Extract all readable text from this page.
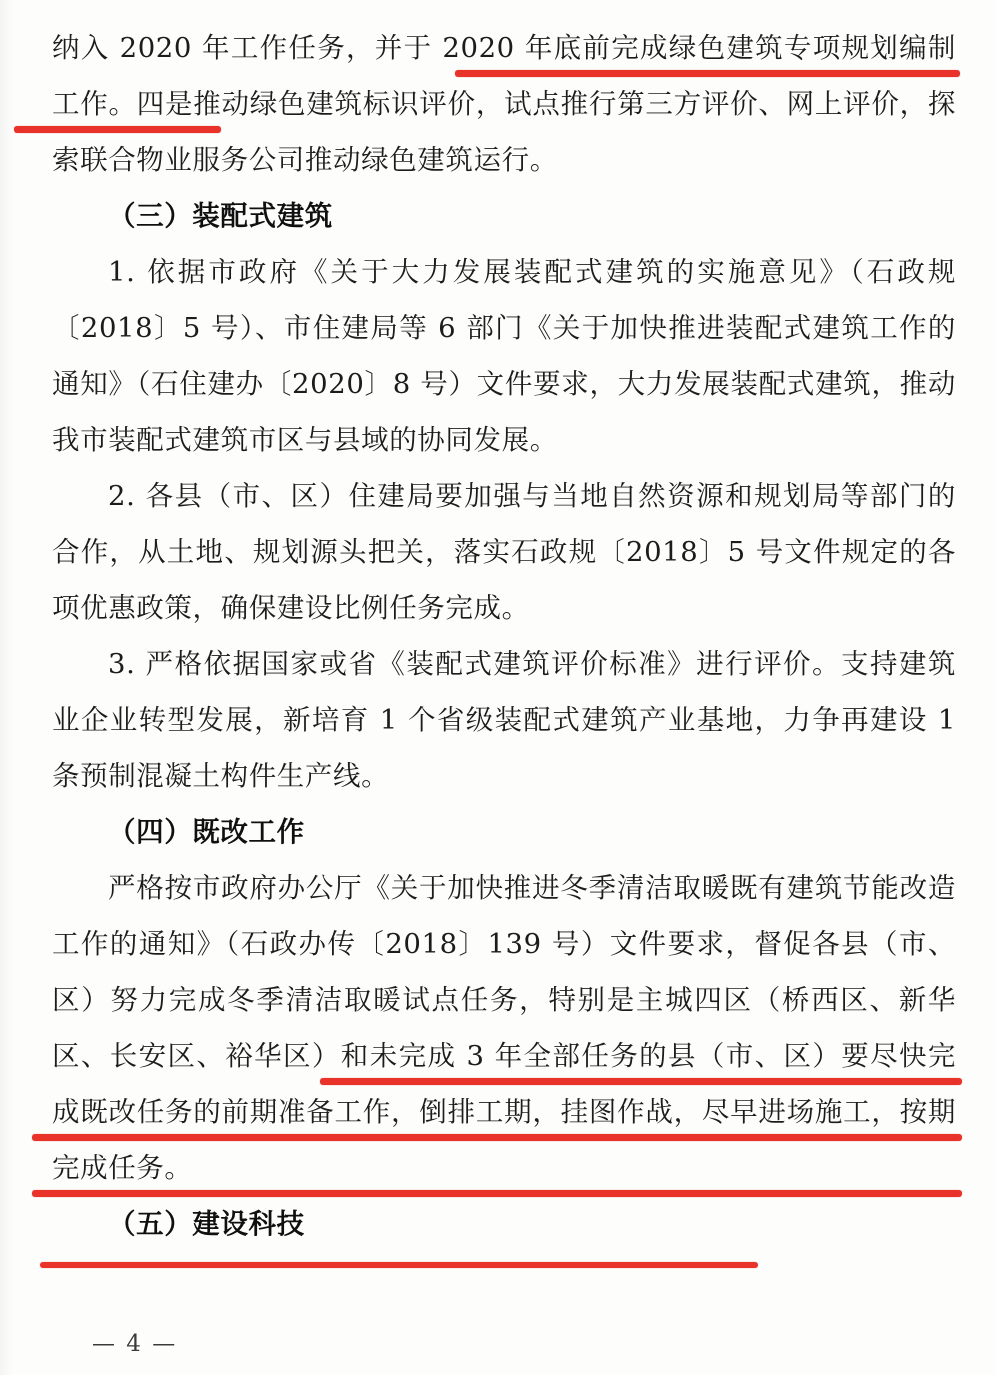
纳入 2020 年工作任务，并于 2020 年底前完成绿色建筑专项规划编制工作。四是推动绿色建筑标识评价，试点推行第三方评价、网上评价，探索联合物业服务公司推动绿色建筑运行。

（三）装配式建筑

1. 依据市政府《关于大力发展装配式建筑的实施意见》（石政规〔2018〕5 号）、市住建局等 6 部门《关于加快推进装配式建筑工作的通知》（石住建办〔2020〕8 号）文件要求，大力发展装配式建筑，推动我市装配式建筑市区与县域的协同发展。

2. 各县（市、区）住建局要加强与当地自然资源和规划局等部门的合作，从土地、规划源头把关，落实石政规〔2018〕5 号文件规定的各项优惠政策，确保建设比例任务完成。

3. 严格依据国家或省《装配式建筑评价标准》进行评价。支持建筑业企业转型发展，新培育 1 个省级装配式建筑产业基地，力争再建设 1 条预制混凝土构件生产线。

（四）既改工作

严格按市政府办公厅《关于加快推进冬季清洁取暖既有建筑节能改造工作的通知》（石政办传〔2018〕139 号）文件要求，督促各县（市、区）努力完成冬季清洁取暖试点任务，特别是主城四区（桥西区、新华区、长安区、裕华区）和未完成 3 年全部任务的县（市、区）要尽快完成既改任务的前期准备工作，倒排工期，挂图作战，尽早进场施工，按期完成任务。

（五）建设科技

— 4 —
